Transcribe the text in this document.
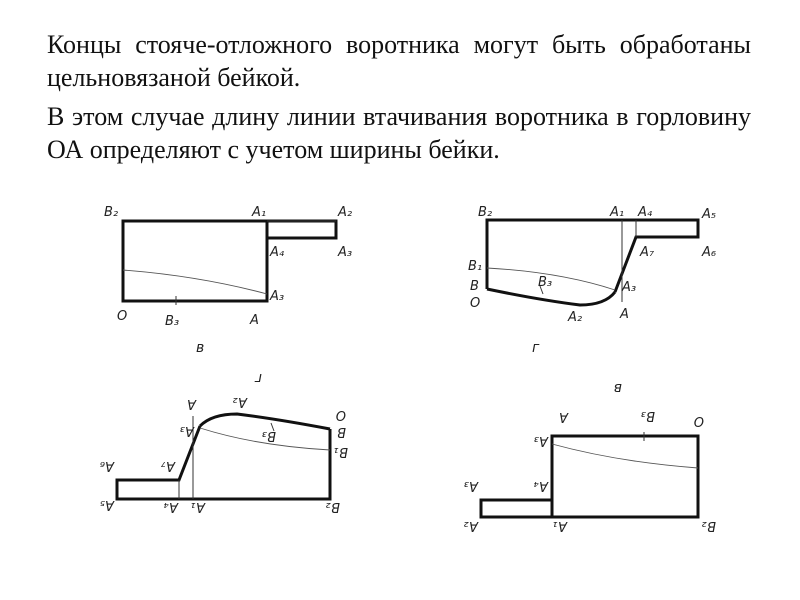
Концы стояче-отложного воротника могут быть обработаны цельновязаной бейкой.

В этом случае длину линии втачивания воротника в горловину ОА определяют с учетом ширины бейки.

В₂	А₁	А₂
А₄	А₃
А₃
О	В₃	А
в
В₂	А₁ А₄	А₅
А₇	А₆
В₁
В	В₃	А₃
О
А₂	А
г
В₂
А₁
А₄
А₅
А₇
А₆
В₁
В
В₃
А₃
О
А₂
А
г
В₂
А₁
А₂
А₄
А₃
А₃
О
В₃
А
в
